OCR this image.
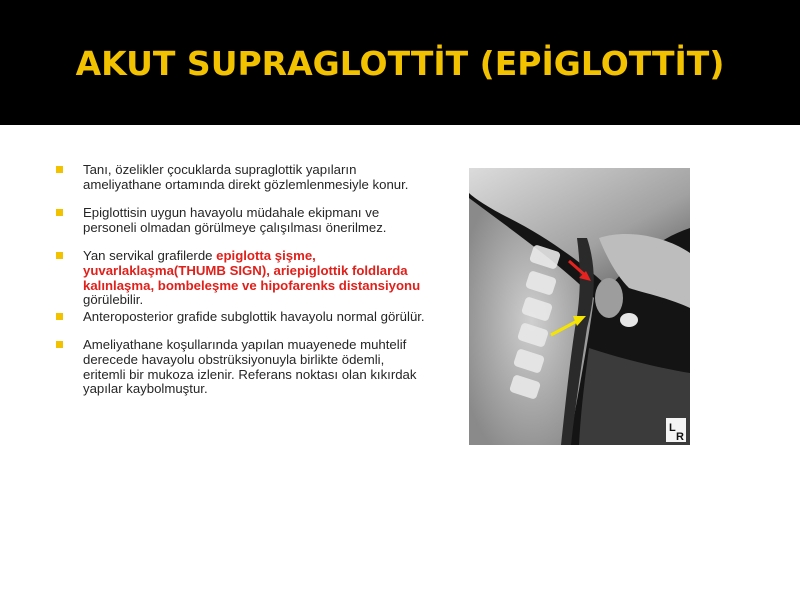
AKUT SUPRAGLOTTİT (EPİGLOTTİT)
Tanı, özelikler çocuklarda supraglottik yapıların ameliyathane ortamında direkt gözlemlenmesiyle konur.
Epiglottisin uygun havayolu müdahale ekipmanı ve personeli olmadan görülmeye çalışılması önerilmez.
Yan servikal grafilerde epiglotta şişme, yuvarlaklaşma(THUMB SIGN), ariepiglottik foldlarda kalınlaşma, bombeleşme ve hipofarenks distansiyonu görülebilir.
Anteroposterior grafide subglottik havayolu normal görülür.
Ameliyathane koşullarında yapılan muayenede muhtelif derecede havayolu obstrüksiyonuyla birlikte ödemli, eritemli bir mukoza izlenir. Referans noktası olan kıkırdak yapılar kaybolmuştur.
L
R
